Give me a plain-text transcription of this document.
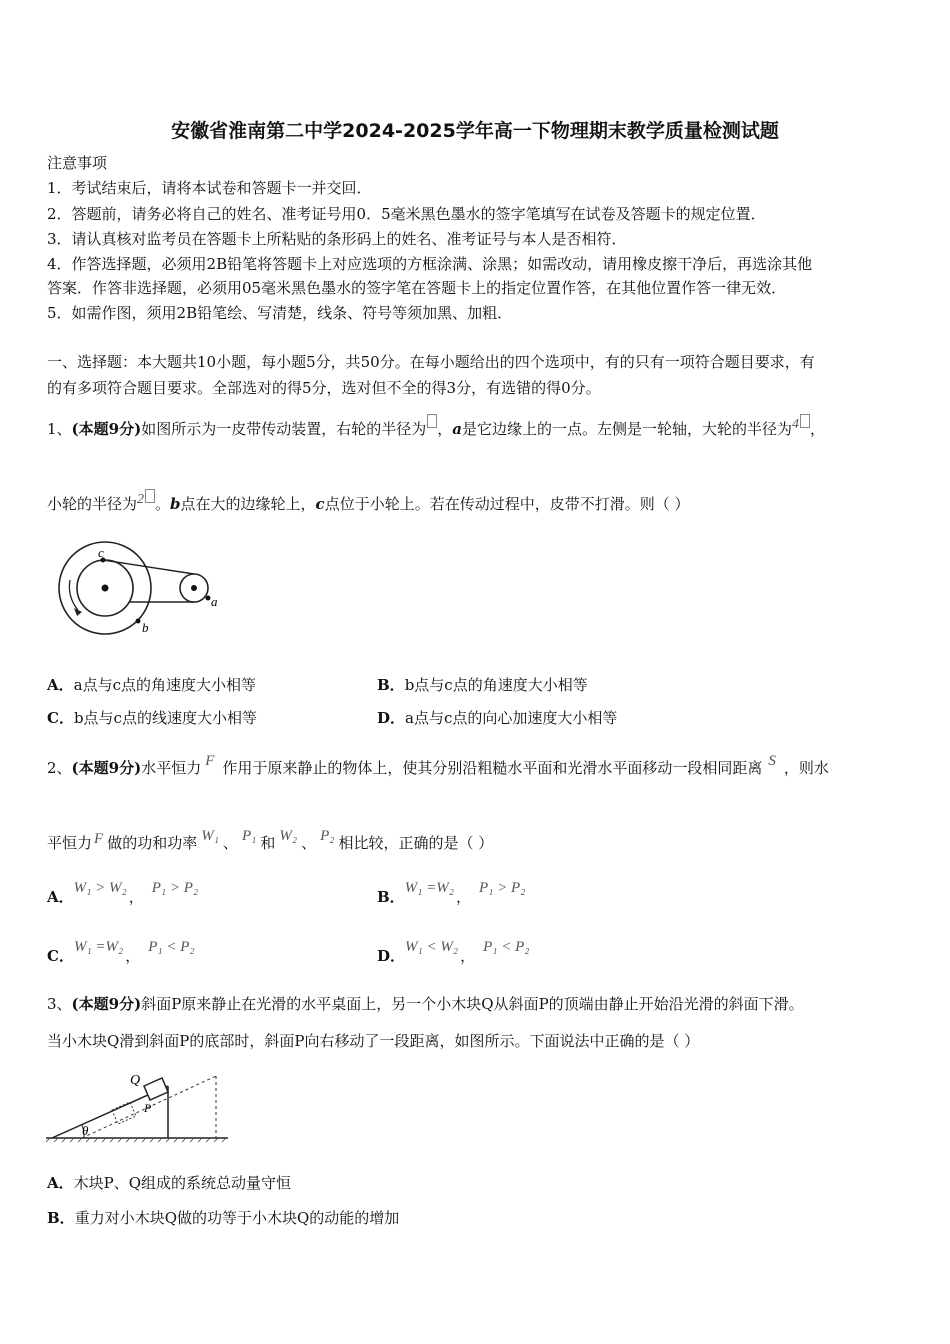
安徽省淮南第二中学2024-2025学年高一下物理期末教学质量检测试题
注意事项
1．考试结束后，请将本试卷和答题卡一并交回．
2．答题前，请务必将自己的姓名、准考证号用0．5毫米黑色墨水的签字笔填写在试卷及答题卡的规定位置．
3．请认真核对监考员在答题卡上所粘贴的条形码上的姓名、准考证号与本人是否相符．
4．作答选择题，必须用2B铅笔将答题卡上对应选项的方框涂满、涂黑；如需改动，请用橡皮擦干净后，再选涂其他
答案．作答非选择题，必须用05毫米黑色墨水的签字笔在答题卡上的指定位置作答，在其他位置作答一律无效．
5．如需作图，须用2B铅笔绘、写清楚，线条、符号等须加黑、加粗．
一、选择题：本大题共10小题，每小题5分，共50分。在每小题给出的四个选项中，有的只有一项符合题目要求，有
的有多项符合题目要求。全部选对的得5分，选对但不全的得3分，有选错的得0分。
1、(本题9分)如图所示为一皮带传动装置，右轮的半径为 ，a是它边缘上的一点。左侧是一轮轴，大轮的半径为4 ，
小轮的半径为2 。b点在大的边缘轮上，c点位于小轮上。若在传动过程中，皮带不打滑。则（ ）
c
a
b
A．a点与c点的角速度大小相等	B．b点与c点的角速度大小相等
C．b点与c点的线速度大小相等	D．a点与c点的向心加速度大小相等
2、(本题9分)水平恒力 F 作用于原来静止的物体上，使其分别沿粗糙水平面和光滑水平面移动一段相同距离 S ，则水
平恒力 F 做的功和功率 W₁ 、 P₁ 和 W₂ 、 P₂ 相比较，正确的是（ ）
A．W₁ > W₂ ， P₁ > P₂	B．W₁ =W₂ ， P₁ > P₂
C．W₁ =W₂ ， P₁ < P₂	D．W₁ < W₂ ， P₁ < P₂
3、(本题9分)斜面P原来静止在光滑的水平桌面上，另一个小木块Q从斜面P的顶端由静止开始沿光滑的斜面下滑。
当小木块Q滑到斜面P的底部时，斜面P向右移动了一段距离，如图所示。下面说法中正确的是（ ）
Q
P
θ
A．木块P、Q组成的系统总动量守恒
B．重力对小木块Q做的功等于小木块Q的动能的增加
